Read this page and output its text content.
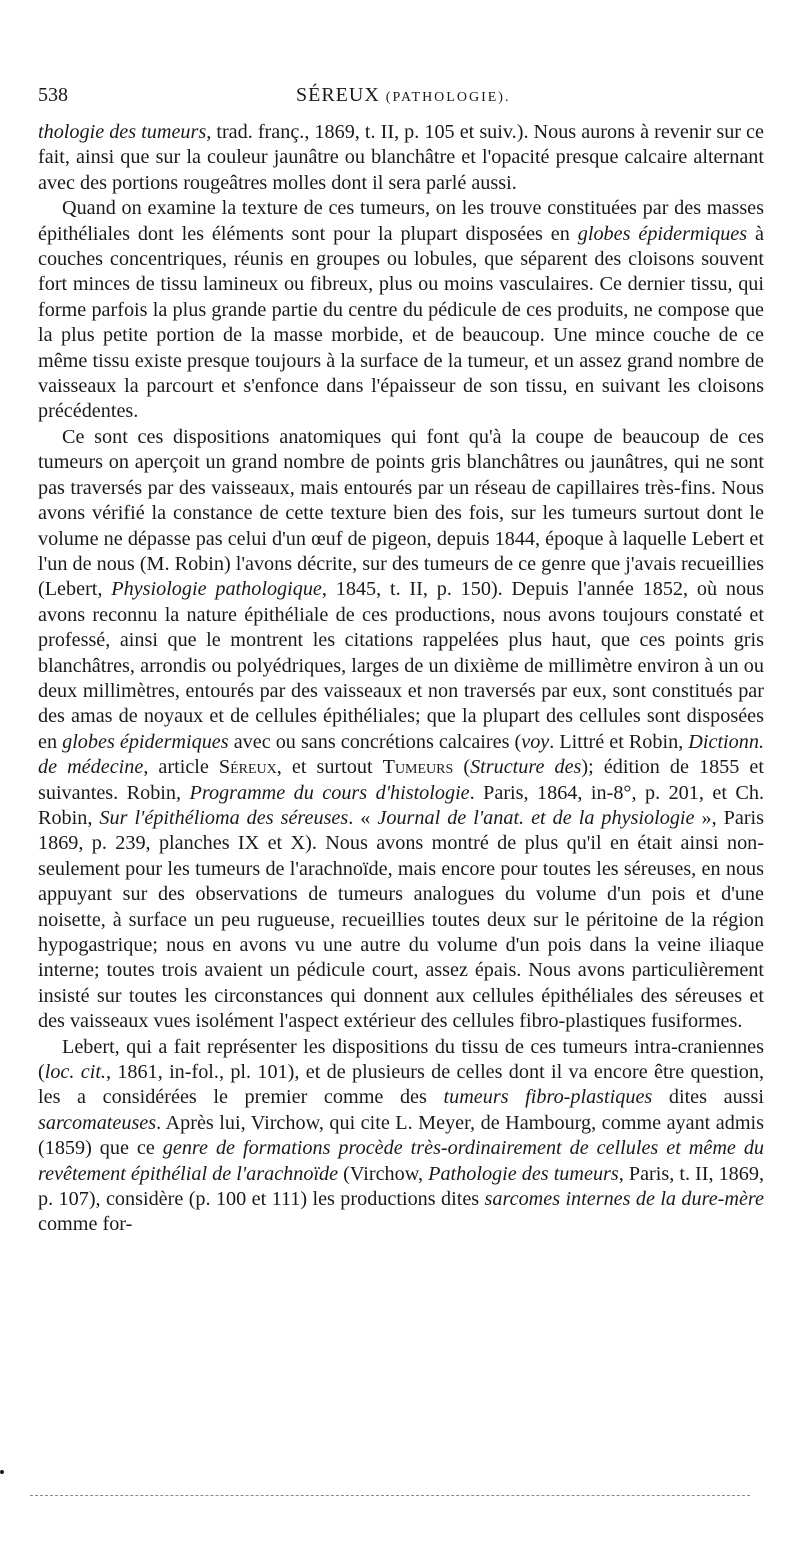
538	SÉREUX (PATHOLOGIE).

thologie des tumeurs, trad. franç., 1869, t. II, p. 105 et suiv.). Nous aurons à revenir sur ce fait, ainsi que sur la couleur jaunâtre ou blanchâtre et l'opacité presque calcaire alternant avec des portions rougeâtres molles dont il sera parlé aussi.

Quand on examine la texture de ces tumeurs, on les trouve constituées par des masses épithéliales dont les éléments sont pour la plupart disposées en globes épidermiques à couches concentriques, réunis en groupes ou lobules, que séparent des cloisons souvent fort minces de tissu lamineux ou fibreux, plus ou moins vasculaires. Ce dernier tissu, qui forme parfois la plus grande partie du centre du pédicule de ces produits, ne compose que la plus petite portion de la masse morbide, et de beaucoup. Une mince couche de ce même tissu existe presque toujours à la surface de la tumeur, et un assez grand nombre de vaisseaux la parcourt et s'enfonce dans l'épaisseur de son tissu, en suivant les cloisons précédentes.

Ce sont ces dispositions anatomiques qui font qu'à la coupe de beaucoup de ces tumeurs on aperçoit un grand nombre de points gris blanchâtres ou jaunâtres, qui ne sont pas traversés par des vaisseaux, mais entourés par un réseau de capillaires très-fins. Nous avons vérifié la constance de cette texture bien des fois, sur les tumeurs surtout dont le volume ne dépasse pas celui d'un œuf de pigeon, depuis 1844, époque à laquelle Lebert et l'un de nous (M. Robin) l'avons décrite, sur des tumeurs de ce genre que j'avais recueillies (Lebert, Physiologie pathologique, 1845, t. II, p. 150). Depuis l'année 1852, où nous avons reconnu la nature épithéliale de ces productions, nous avons toujours constaté et professé, ainsi que le montrent les citations rappelées plus haut, que ces points gris blanchâtres, arrondis ou polyédriques, larges de un dixième de millimètre environ à un ou deux millimètres, entourés par des vaisseaux et non traversés par eux, sont constitués par des amas de noyaux et de cellules épithéliales; que la plupart des cellules sont disposées en globes épidermiques avec ou sans concrétions calcaires (voy. Littré et Robin, Dictionn. de médecine, article Séreux, et surtout Tumeurs (Structure des); édition de 1855 et suivantes. Robin, Programme du cours d'histologie. Paris, 1864, in-8°, p. 201, et Ch. Robin, Sur l'épithélioma des séreuses. « Journal de l'anat. et de la physiologie », Paris 1869, p. 239, planches IX et X). Nous avons montré de plus qu'il en était ainsi non-seulement pour les tumeurs de l'arachnoïde, mais encore pour toutes les séreuses, en nous appuyant sur des observations de tumeurs analogues du volume d'un pois et d'une noisette, à surface un peu rugueuse, recueillies toutes deux sur le péritoine de la région hypogastrique; nous en avons vu une autre du volume d'un pois dans la veine iliaque interne; toutes trois avaient un pédicule court, assez épais. Nous avons particulièrement insisté sur toutes les circonstances qui donnent aux cellules épithéliales des séreuses et des vaisseaux vues isolément l'aspect extérieur des cellules fibro-plastiques fusiformes.

Lebert, qui a fait représenter les dispositions du tissu de ces tumeurs intra-craniennes (loc. cit., 1861, in-fol., pl. 101), et de plusieurs de celles dont il va encore être question, les a considérées le premier comme des tumeurs fibro-plastiques dites aussi sarcomateuses. Après lui, Virchow, qui cite L. Meyer, de Hambourg, comme ayant admis (1859) que ce genre de formations procède très-ordinairement de cellules et même du revêtement épithélial de l'arachnoïde (Virchow, Pathologie des tumeurs, Paris, t. II, 1869, p. 107), considère (p. 100 et 111) les productions dites sarcomes internes de la dure-mère comme for-
